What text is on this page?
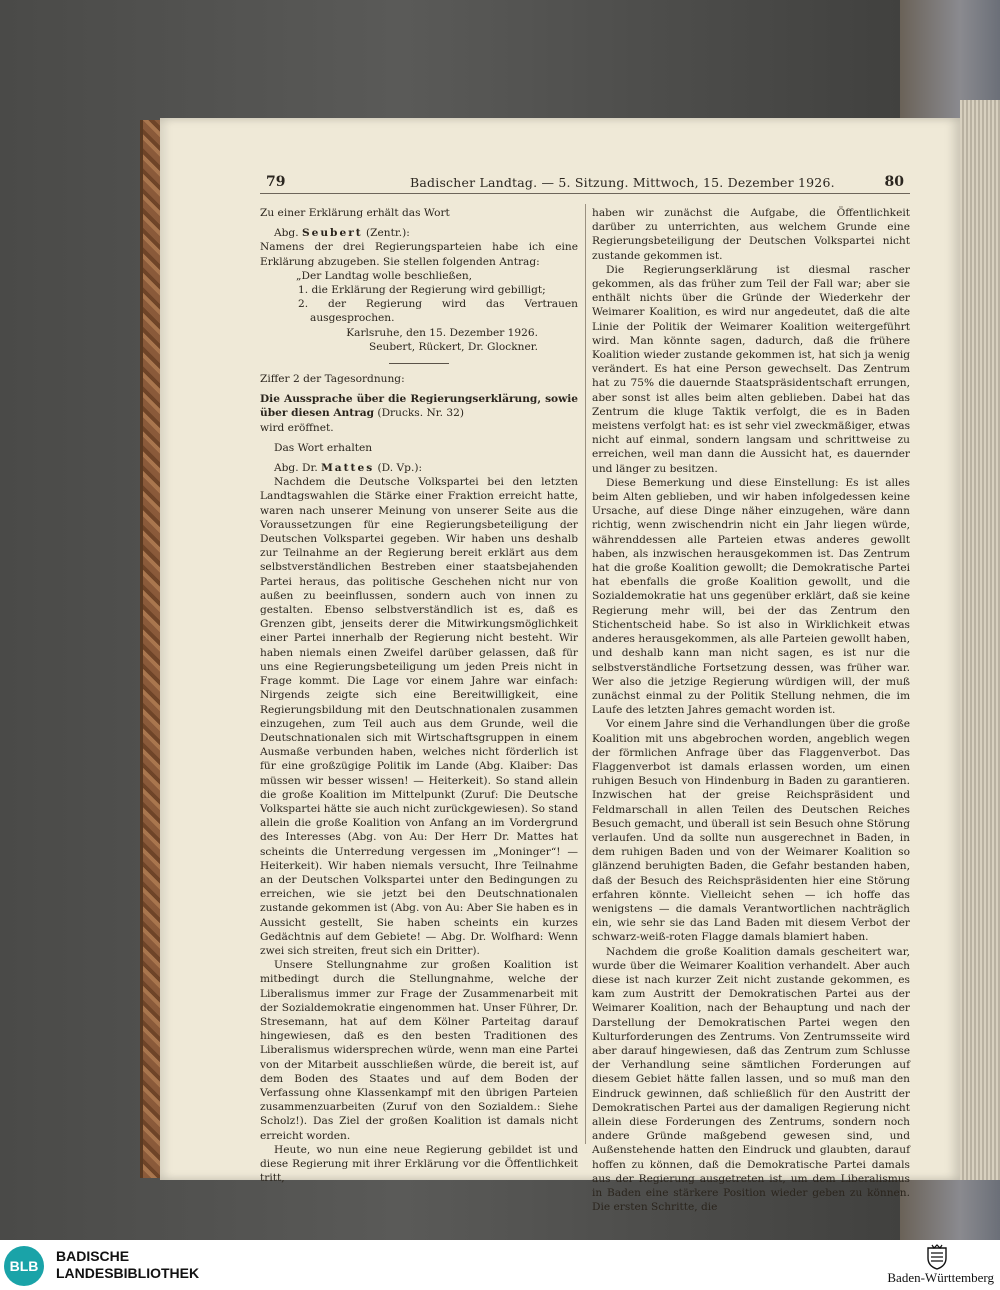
79	Badischer Landtag. — 5. Sitzung. Mittwoch, 15. Dezember 1926.	80

Zu einer Erklärung erhält das Wort

Abg. Seubert (Zentr.):

Namens der drei Regierungsparteien habe ich eine Erklärung abzugeben. Sie stellen folgenden Antrag:

„Der Landtag wolle beschließen,

1. die Erklärung der Regierung wird gebilligt;

2. der Regierung wird das Vertrauen ausgesprochen.

Karlsruhe, den 15. Dezember 1926.

Seubert, Rückert, Dr. Glockner.

Ziffer 2 der Tagesordnung:

Die Aussprache über die Regierungserklärung, sowie über diesen Antrag (Drucks. Nr. 32)

wird eröffnet.

Das Wort erhalten

Abg. Dr. Mattes (D. Vp.):

Nachdem die Deutsche Volkspartei bei den letzten Landtagswahlen die Stärke einer Fraktion erreicht hatte, waren nach unserer Meinung von unserer Seite aus die Voraussetzungen für eine Regierungsbeteiligung der Deutschen Volkspartei gegeben. Wir haben uns deshalb zur Teilnahme an der Regierung bereit erklärt aus dem selbstverständlichen Bestreben einer staatsbejahenden Partei heraus, das politische Geschehen nicht nur von außen zu beeinflussen, sondern auch von innen zu gestalten. Ebenso selbstverständlich ist es, daß es Grenzen gibt, jenseits derer die Mitwirkungsmöglichkeit einer Partei innerhalb der Regierung nicht besteht. Wir haben niemals einen Zweifel darüber gelassen, daß für uns eine Regierungsbeteiligung um jeden Preis nicht in Frage kommt. Die Lage vor einem Jahre war einfach: Nirgends zeigte sich eine Bereitwilligkeit, eine Regierungsbildung mit den Deutschnationalen zusammen einzugehen, zum Teil auch aus dem Grunde, weil die Deutschnationalen sich mit Wirtschaftsgruppen in einem Ausmaße verbunden haben, welches nicht förderlich ist für eine großzügige Politik im Lande (Abg. Klaiber: Das müssen wir besser wissen! — Heiterkeit). So stand allein die große Koalition im Mittelpunkt (Zuruf: Die Deutsche Volkspartei hätte sie auch nicht zurückgewiesen). So stand allein die große Koalition von Anfang an im Vordergrund des Interesses (Abg. von Au: Der Herr Dr. Mattes hat scheints die Unterredung vergessen im „Moninger“! — Heiterkeit). Wir haben niemals versucht, Ihre Teilnahme an der Deutschen Volkspartei unter den Bedingungen zu erreichen, wie sie jetzt bei den Deutschnationalen zustande gekommen ist (Abg. von Au: Aber Sie haben es in Aussicht gestellt, Sie haben scheints ein kurzes Gedächtnis auf dem Gebiete! — Abg. Dr. Wolfhard: Wenn zwei sich streiten, freut sich ein Dritter).

Unsere Stellungnahme zur großen Koalition ist mitbedingt durch die Stellungnahme, welche der Liberalismus immer zur Frage der Zusammenarbeit mit der Sozialdemokratie eingenommen hat. Unser Führer, Dr. Stresemann, hat auf dem Kölner Parteitag darauf hingewiesen, daß es den besten Traditionen des Liberalismus widersprechen würde, wenn man eine Partei von der Mitarbeit ausschließen würde, die bereit ist, auf dem Boden des Staates und auf dem Boden der Verfassung ohne Klassenkampf mit den übrigen Parteien zusammenzuarbeiten (Zuruf von den Sozialdem.: Siehe Scholz!). Das Ziel der großen Koalition ist damals nicht erreicht worden.

Heute, wo nun eine neue Regierung gebildet ist und diese Regierung mit ihrer Erklärung vor die Öffentlichkeit tritt,

haben wir zunächst die Aufgabe, die Öffentlichkeit darüber zu unterrichten, aus welchem Grunde eine Regierungsbeteiligung der Deutschen Volkspartei nicht zustande gekommen ist.

Die Regierungserklärung ist diesmal rascher gekommen, als das früher zum Teil der Fall war; aber sie enthält nichts über die Gründe der Wiederkehr der Weimarer Koalition, es wird nur angedeutet, daß die alte Linie der Politik der Weimarer Koalition weitergeführt wird. Man könnte sagen, dadurch, daß die frühere Koalition wieder zustande gekommen ist, hat sich ja wenig verändert. Es hat eine Person gewechselt. Das Zentrum hat zu 75% die dauernde Staatspräsidentschaft errungen, aber sonst ist alles beim alten geblieben. Dabei hat das Zentrum die kluge Taktik verfolgt, die es in Baden meistens verfolgt hat: es ist sehr viel zweckmäßiger, etwas nicht auf einmal, sondern langsam und schrittweise zu erreichen, weil man dann die Aussicht hat, es dauernder und länger zu besitzen.

Diese Bemerkung und diese Einstellung: Es ist alles beim Alten geblieben, und wir haben infolgedessen keine Ursache, auf diese Dinge näher einzugehen, wäre dann richtig, wenn zwischendrin nicht ein Jahr liegen würde, währenddessen alle Parteien etwas anderes gewollt haben, als inzwischen herausgekommen ist. Das Zentrum hat die große Koalition gewollt; die Demokratische Partei hat ebenfalls die große Koalition gewollt, und die Sozialdemokratie hat uns gegenüber erklärt, daß sie keine Regierung mehr will, bei der das Zentrum den Stichentscheid habe. So ist also in Wirklichkeit etwas anderes herausgekommen, als alle Parteien gewollt haben, und deshalb kann man nicht sagen, es ist nur die selbstverständliche Fortsetzung dessen, was früher war. Wer also die jetzige Regierung würdigen will, der muß zunächst einmal zu der Politik Stellung nehmen, die im Laufe des letzten Jahres gemacht worden ist.

Vor einem Jahre sind die Verhandlungen über die große Koalition mit uns abgebrochen worden, angeblich wegen der förmlichen Anfrage über das Flaggenverbot. Das Flaggenverbot ist damals erlassen worden, um einen ruhigen Besuch von Hindenburg in Baden zu garantieren. Inzwischen hat der greise Reichspräsident und Feldmarschall in allen Teilen des Deutschen Reiches Besuch gemacht, und überall ist sein Besuch ohne Störung verlaufen. Und da sollte nun ausgerechnet in Baden, in dem ruhigen Baden und von der Weimarer Koalition so glänzend beruhigten Baden, die Gefahr bestanden haben, daß der Besuch des Reichspräsidenten hier eine Störung erfahren könnte. Vielleicht sehen — ich hoffe das wenigstens — die damals Verantwortlichen nachträglich ein, wie sehr sie das Land Baden mit diesem Verbot der schwarz-weiß-roten Flagge damals blamiert haben.

Nachdem die große Koalition damals gescheitert war, wurde über die Weimarer Koalition verhandelt. Aber auch diese ist nach kurzer Zeit nicht zustande gekommen, es kam zum Austritt der Demokratischen Partei aus der Weimarer Koalition, nach der Behauptung und nach der Darstellung der Demokratischen Partei wegen den Kulturforderungen des Zentrums. Von Zentrumsseite wird aber darauf hingewiesen, daß das Zentrum zum Schlusse der Verhandlung seine sämtlichen Forderungen auf diesem Gebiet hätte fallen lassen, und so muß man den Eindruck gewinnen, daß schließlich für den Austritt der Demokratischen Partei aus der damaligen Regierung nicht allein diese Forderungen des Zentrums, sondern noch andere Gründe maßgebend gewesen sind, und Außenstehende hatten den Eindruck und glaubten, darauf hoffen zu können, daß die Demokratische Partei damals aus der Regierung ausgetreten ist, um dem Liberalismus in Baden eine stärkere Position wieder geben zu können. Die ersten Schritte, die

BLB
BADISCHE
LANDESBIBLIOTHEK	Baden-Württemberg
